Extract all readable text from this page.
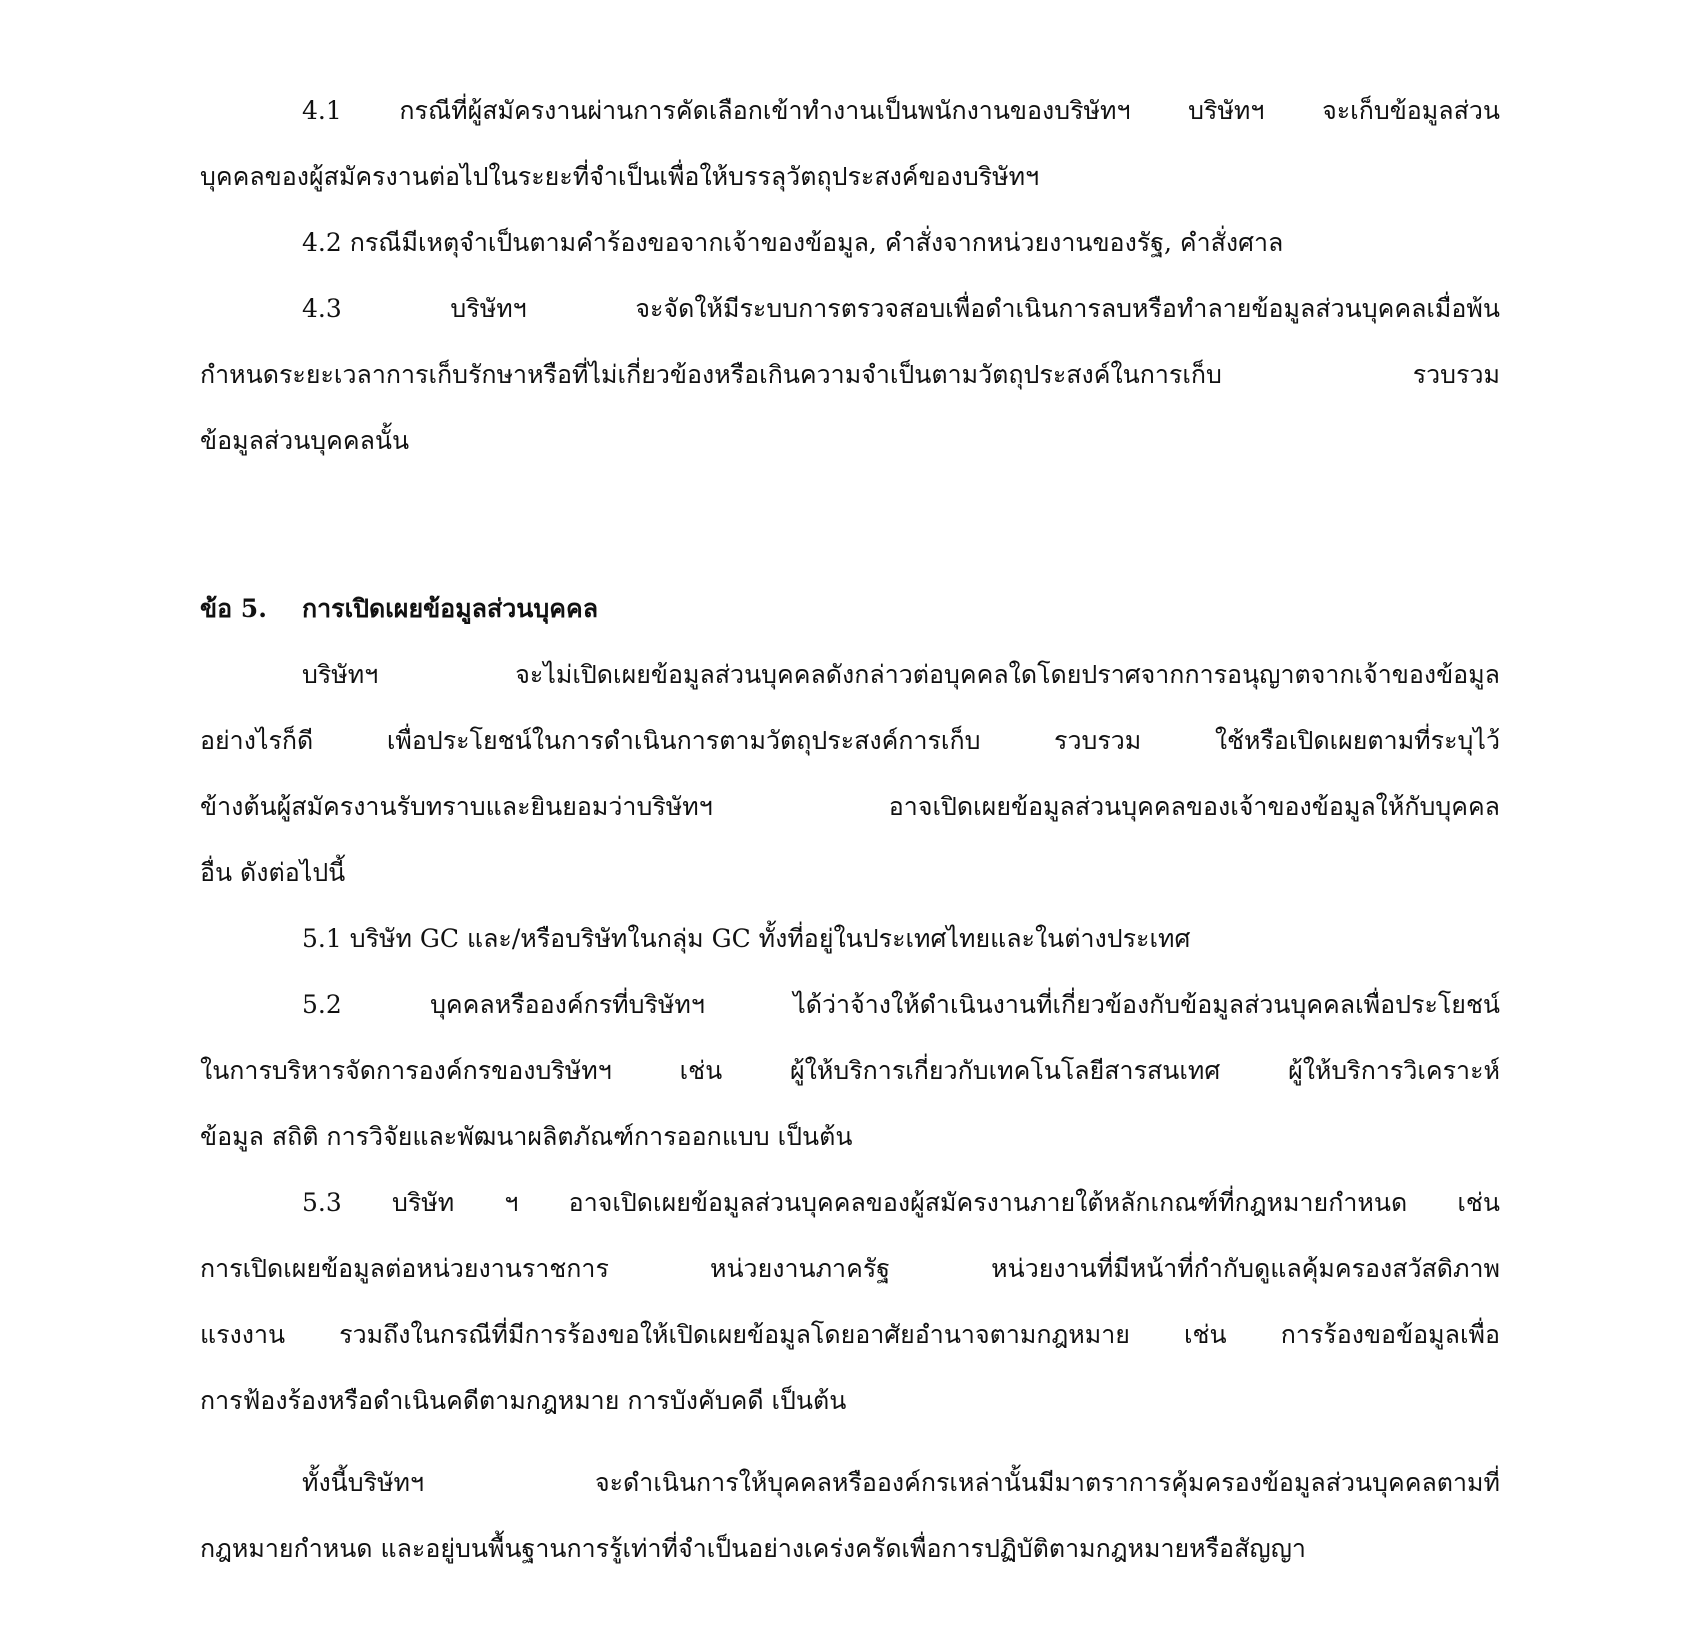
4.1 กรณีที่ผู้สมัครงานผ่านการคัดเลือกเข้าทำงานเป็นพนักงานของบริษัทฯ บริษัทฯ จะเก็บข้อมูลส่วน
บุคคลของผู้สมัครงานต่อไปในระยะที่จำเป็นเพื่อให้บรรลุวัตถุประสงค์ของบริษัทฯ

4.2 กรณีมีเหตุจำเป็นตามคำร้องขอจากเจ้าของข้อมูล, คำสั่งจากหน่วยงานของรัฐ, คำสั่งศาล

4.3 บริษัทฯ จะจัดให้มีระบบการตรวจสอบเพื่อดำเนินการลบหรือทำลายข้อมูลส่วนบุคคลเมื่อพ้น
กำหนดระยะเวลาการเก็บรักษาหรือที่ไม่เกี่ยวข้องหรือเกินความจำเป็นตามวัตถุประสงค์ในการเก็บ รวบรวม
ข้อมูลส่วนบุคคลนั้น

ข้อ 5.	การเปิดเผยข้อมูลส่วนบุคคล

บริษัทฯ จะไม่เปิดเผยข้อมูลส่วนบุคคลดังกล่าวต่อบุคคลใดโดยปราศจากการอนุญาตจากเจ้าของข้อมูล
อย่างไรก็ดี เพื่อประโยชน์ในการดำเนินการตามวัตถุประสงค์การเก็บ รวบรวม ใช้หรือเปิดเผยตามที่ระบุไว้
ข้างต้นผู้สมัครงานรับทราบและยินยอมว่าบริษัทฯ อาจเปิดเผยข้อมูลส่วนบุคคลของเจ้าของข้อมูลให้กับบุคคล
อื่น ดังต่อไปนี้

5.1 บริษัท GC และ/หรือบริษัทในกลุ่ม GC ทั้งที่อยู่ในประเทศไทยและในต่างประเทศ

5.2 บุคคลหรือองค์กรที่บริษัทฯ ได้ว่าจ้างให้ดำเนินงานที่เกี่ยวข้องกับข้อมูลส่วนบุคคลเพื่อประโยชน์
ในการบริหารจัดการองค์กรของบริษัทฯ เช่น ผู้ให้บริการเกี่ยวกับเทคโนโลยีสารสนเทศ ผู้ให้บริการวิเคราะห์
ข้อมูล สถิติ การวิจัยและพัฒนาผลิตภัณฑ์การออกแบบ เป็นต้น

5.3 บริษัท ฯ อาจเปิดเผยข้อมูลส่วนบุคคลของผู้สมัครงานภายใต้หลักเกณฑ์ที่กฎหมายกำหนด เช่น
การเปิดเผยข้อมูลต่อหน่วยงานราชการ หน่วยงานภาครัฐ หน่วยงานที่มีหน้าที่กำกับดูแลคุ้มครองสวัสดิภาพ
แรงงาน รวมถึงในกรณีที่มีการร้องขอให้เปิดเผยข้อมูลโดยอาศัยอำนาจตามกฎหมาย เช่น การร้องขอข้อมูลเพื่อ
การฟ้องร้องหรือดำเนินคดีตามกฎหมาย การบังคับคดี เป็นต้น

ทั้งนี้บริษัทฯ จะดำเนินการให้บุคคลหรือองค์กรเหล่านั้นมีมาตราการคุ้มครองข้อมูลส่วนบุคคลตามที่
กฎหมายกำหนด และอยู่บนพื้นฐานการรู้เท่าที่จำเป็นอย่างเคร่งครัดเพื่อการปฏิบัติตามกฎหมายหรือสัญญา
